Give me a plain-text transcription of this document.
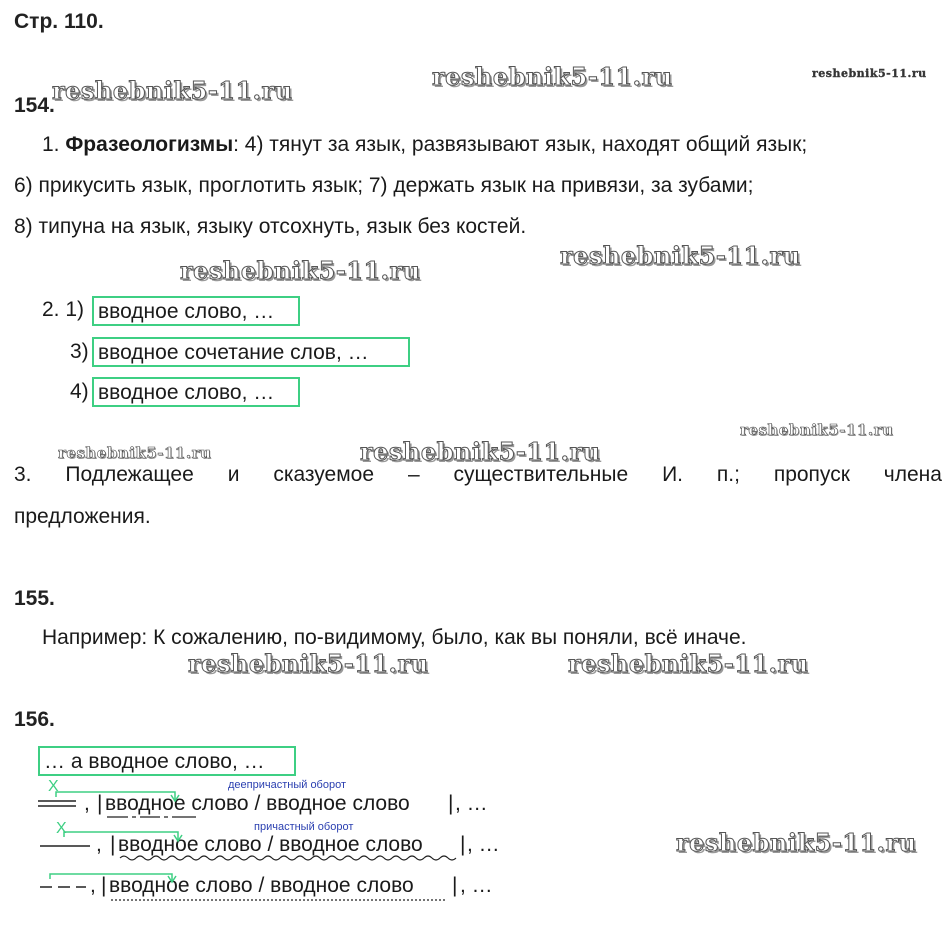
Стр. 110.
reshebnik5-11.ru	reshebnik5-11.ru	reshebnik5-11.ru
reshebnik5-11.ru
reshebnik5-11.ru
reshebnik5-11.ru
reshebnik5-11.ru	reshebnik5-11.ru
reshebnik5-11.ru	reshebnik5-11.ru
reshebnik5-11.ru
154.
1. Фразеологизмы: 4) тянут за язык, развязывают язык, находят общий язык;
6) прикусить язык, проглотить язык; 7) держать язык на привязи, за зубами;
8) типуна на язык, языку отсохнуть, язык без костей.
2. 1) вводное слово, …
3) вводное сочетание слов, …
4) вводное слово, …
3. Подлежащее и сказуемое – существительные И. п.; пропуск члена
предложения.
155.
Например: К сожалению, по-видимому, было, как вы поняли, всё иначе.
156.
… а вводное слово, …
Х	деепричастный оборот
, | вводное слово / вводное слово | , …
Х	причастный оборот
, | вводное слово / вводное слово | , …
, | вводное слово / вводное слово | , …
